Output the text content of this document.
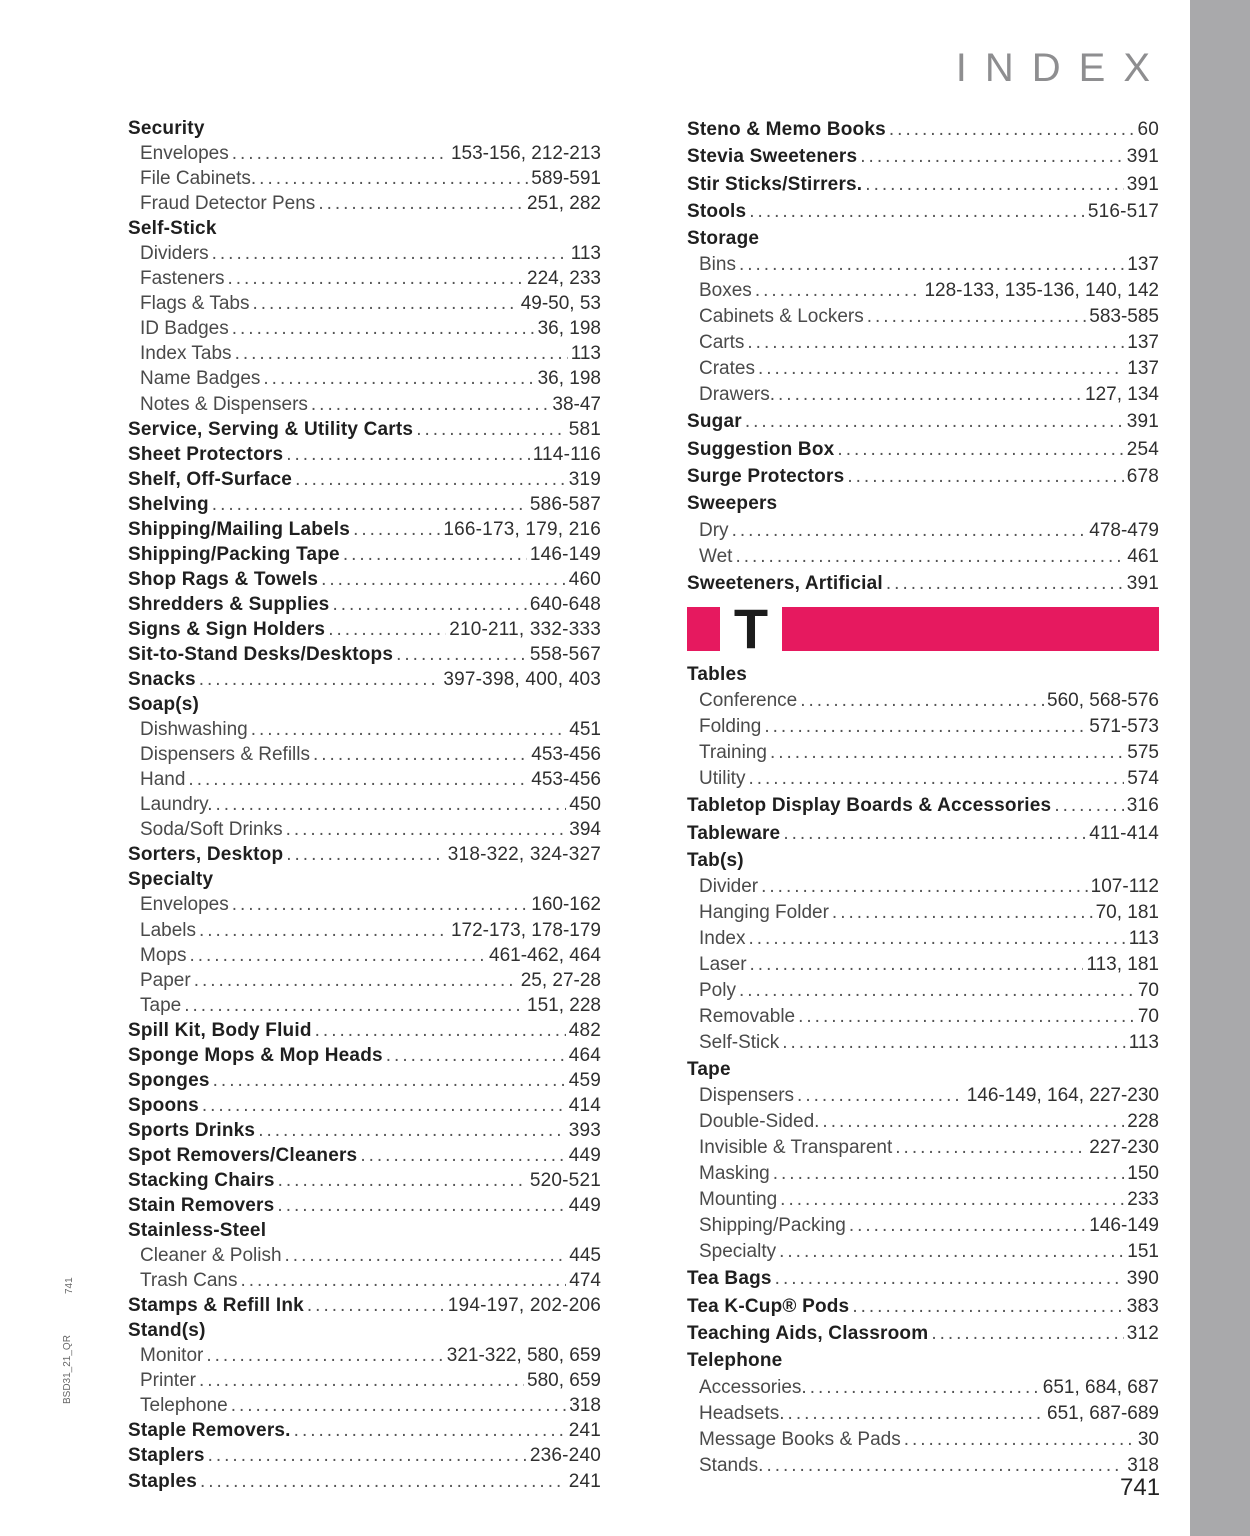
INDEX
Security
Envelopes .....	153-156, 212-213
File Cabinets. .....	589-591
Fraud Detector Pens .....	251, 282
Self-Stick
Dividers .....	113
Fasteners .....	224, 233
Flags & Tabs .....	49-50, 53
ID Badges .....	36, 198
Index Tabs .....	113
Name Badges .....	36, 198
Notes & Dispensers .....	38-47
Service, Serving & Utility Carts .....	581
Sheet Protectors .....	114-116
Shelf, Off-Surface .....	319
Shelving .....	586-587
Shipping/Mailing Labels .....	166-173, 179, 216
Shipping/Packing Tape .....	146-149
Shop Rags & Towels .....	460
Shredders & Supplies .....	640-648
Signs & Sign Holders .....	210-211, 332-333
Sit-to-Stand Desks/Desktops .....	558-567
Snacks .....	397-398, 400, 403
Soap(s)
Dishwashing .....	451
Dispensers & Refills .....	453-456
Hand .....	453-456
Laundry. .....	450
Soda/Soft Drinks .....	394
Sorters, Desktop .....	318-322, 324-327
Specialty
Envelopes .....	160-162
Labels .....	172-173, 178-179
Mops .....	461-462, 464
Paper .....	25, 27-28
Tape .....	151, 228
Spill Kit, Body Fluid .....	482
Sponge Mops & Mop Heads .....	464
Sponges .....	459
Spoons .....	414
Sports Drinks .....	393
Spot Removers/Cleaners .....	449
Stacking Chairs .....	520-521
Stain Removers .....	449
Stainless-Steel
Cleaner & Polish .....	445
Trash Cans .....	474
Stamps & Refill Ink .....	194-197, 202-206
Stand(s)
Monitor .....	321-322, 580, 659
Printer .....	580, 659
Telephone .....	318
Staple Removers. .....	241
Staplers .....	236-240
Staples .....	241
Steno & Memo Books .....	60
Stevia Sweeteners .....	391
Stir Sticks/Stirrers. .....	391
Stools .....	516-517
Storage
Bins .....	137
Boxes .....	128-133, 135-136, 140, 142
Cabinets & Lockers .....	583-585
Carts .....	137
Crates .....	137
Drawers. .....	127, 134
Sugar .....	391
Suggestion Box .....	254
Surge Protectors .....	678
Sweepers
Dry .....	478-479
Wet .....	461
Sweeteners, Artificial .....	391
T
Tables
Conference .....	560, 568-576
Folding .....	571-573
Training .....	575
Utility .....	574
Tabletop Display Boards & Accessories .....	316
Tableware .....	411-414
Tab(s)
Divider .....	107-112
Hanging Folder .....	70, 181
Index .....	113
Laser .....	113, 181
Poly .....	70
Removable .....	70
Self-Stick .....	113
Tape
Dispensers .....	146-149, 164, 227-230
Double-Sided. .....	228
Invisible & Transparent .....	227-230
Masking .....	150
Mounting .....	233
Shipping/Packing .....	146-149
Specialty .....	151
Tea Bags .....	390
Tea K-Cup® Pods .....	383
Teaching Aids, Classroom .....	312
Telephone
Accessories. .....	651, 684, 687
Headsets. .....	651, 687-689
Message Books & Pads .....	30
Stands. .....	318
741
BSD31_21_QR
741
